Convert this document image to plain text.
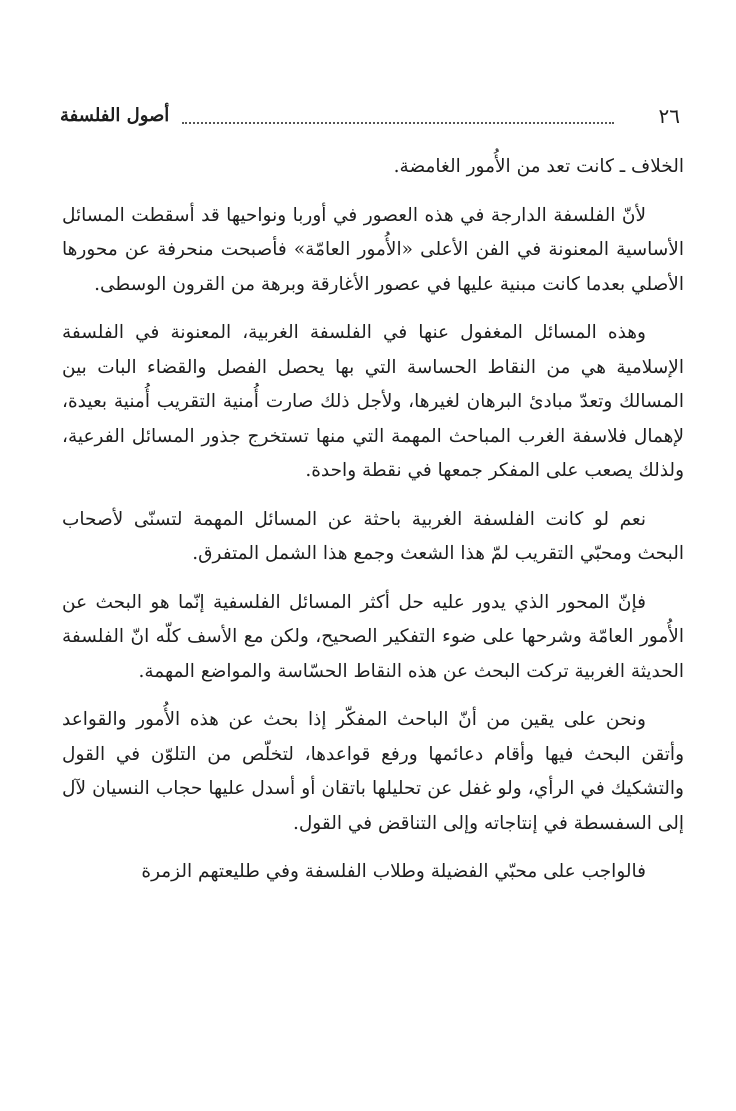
٢٦
أصول الفلسفة

الخلاف ـ كانت تعد من الأُمور الغامضة.

لأنّ الفلسفة الدارجة في هذه العصور في أوربا ونواحيها قد أسقطت المسائل الأساسية المعنونة في الفن الأعلى «الأُمور العامّة» فأصبحت منحرفة عن محورها الأصلي بعدما كانت مبنية عليها في عصور الأغارقة وبرهة من القرون الوسطى.

وهذه المسائل المغفول عنها في الفلسفة الغربية، المعنونة في الفلسفة الإسلامية هي من النقاط الحساسة التي بها يحصل الفصل والقضاء البات بين المسالك وتعدّ مبادئ البرهان لغيرها، ولأجل ذلك صارت أُمنية التقريب أُمنية بعيدة، لإهمال فلاسفة الغرب المباحث المهمة التي منها تستخرج جذور المسائل الفرعية، ولذلك يصعب على المفكر جمعها في نقطة واحدة.

نعم لو كانت الفلسفة الغربية باحثة عن المسائل المهمة لتسنّى لأصحاب البحث ومحبّي التقريب لمّ هذا الشعث وجمع هذا الشمل المتفرق.

فإنّ المحور الذي يدور عليه حل أكثر المسائل الفلسفية إنّما هو البحث عن الأُمور العامّة وشرحها على ضوء التفكير الصحيح، ولكن مع الأسف كلّه انّ الفلسفة الحديثة الغربية تركت البحث عن هذه النقاط الحسّاسة والمواضع المهمة.

ونحن على يقين من أنّ الباحث المفكّر إذا بحث عن هذه الأُمور والقواعد وأتقن البحث فيها وأقام دعائمها ورفع قواعدها، لتخلّص من التلوّن في القول والتشكيك في الرأي، ولو غفل عن تحليلها باتقان أو أسدل عليها حجاب النسيان لآل إلى السفسطة في إنتاجاته وإلى التناقض في القول.

فالواجب على محبّي الفضيلة وطلاب الفلسفة وفي طليعتهم الزمرة
